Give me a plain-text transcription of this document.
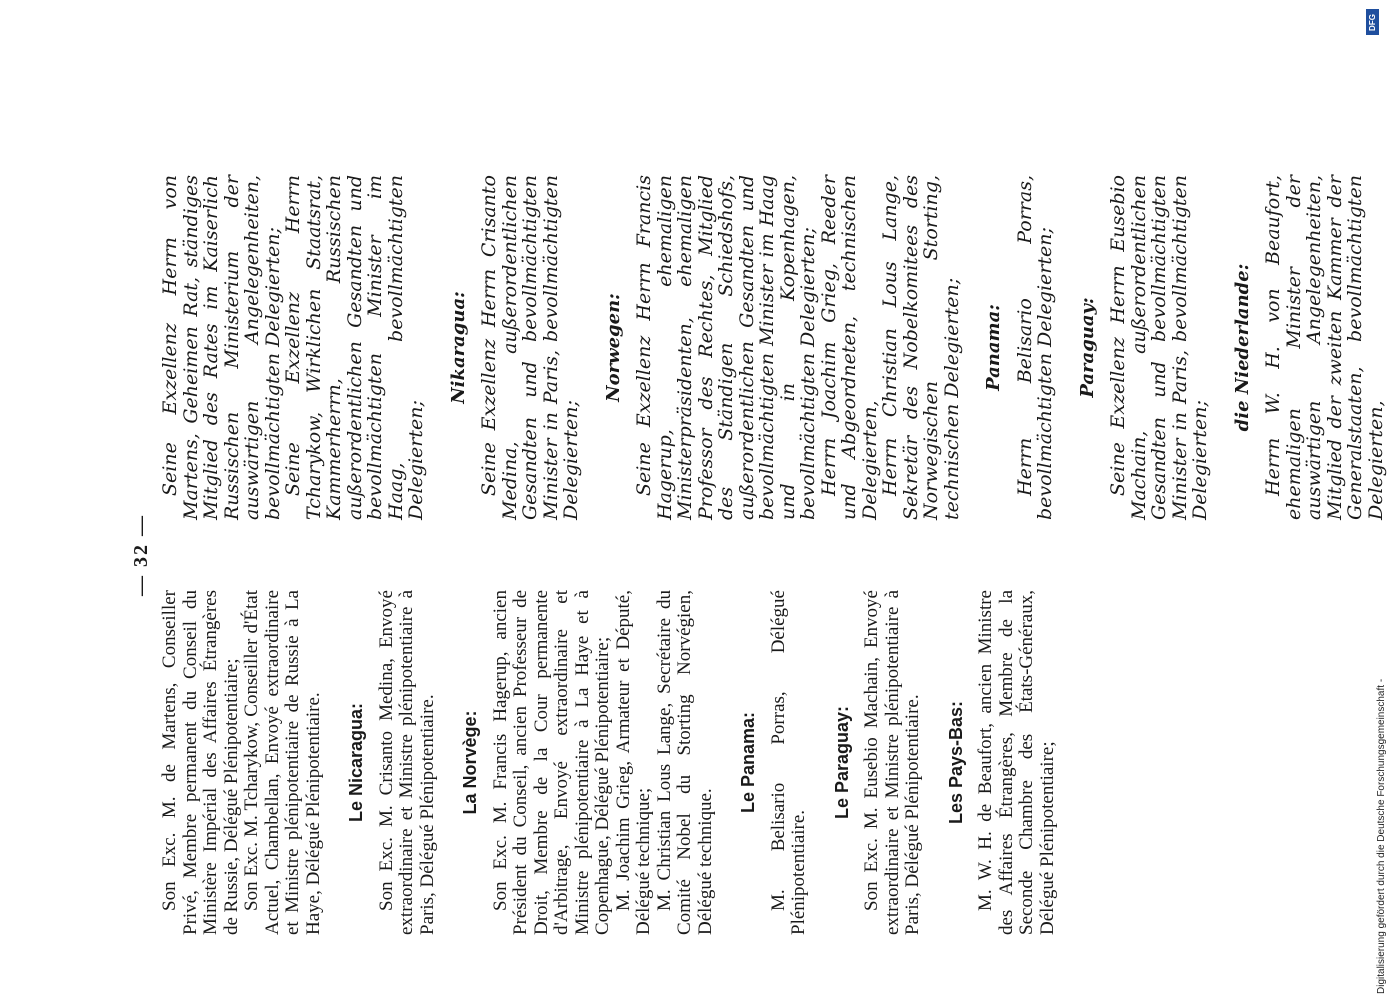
— 32 —

Son Exc. M. de Martens, Conseiller Privé, Membre permanent du Conseil du Ministère Impérial des Affaires Étrangères de Russie, Délégué Plénipotentiaire; Son Exc. M. Tcharykow, Conseiller d'État Actuel, Chambellan, Envoyé extraordinaire et Ministre plénipotentiaire de Russie à La Haye, Délégué Plénipotentiaire. Le Nicaragua: Son Exc. M. Crisanto Medina, Envoyé extraordinaire et Ministre plénipotentiaire à Paris, Délégué Plénipotentiaire. La Norvège: Son Exc. M. Francis Hagerup, ancien Président du Conseil, ancien Professeur de Droit, Membre de la Cour permanente d'Arbitrage, Envoyé extraordinaire et Ministre plénipotentiaire à La Haye et à Copenhague, Délégué Plénipotentiaire; M. Joachim Grieg, Armateur et Député, Délégué technique; M. Christian Lous Lange, Secrétaire du Comité Nobel du Storting Norvégien, Délégué technique.

Le Panama: M. Belisario Porras, Délégué Plénipotentiaire.

Le Paraguay: Son Exc. M. Eusebio Machain, Envoyé extraordinaire et Ministre plénipotentiaire à Paris, Délégué Plénipotentiaire. Les Pays-Bas: M. W. H. de Beaufort, ancien Ministre des Affaires Étrangères, Membre de la Seconde Chambre des États-Généraux, Délégué Plénipotentiaire;

Seine Exzellenz Herrn von Martens, Geheimen Rat, ständiges Mitglied des Rates im Kaiserlich Russischen Ministerium der auswärtigen Angelegenheiten, bevollmächtigten Delegierten;

Seine Exzellenz Herrn Tcharykow, Wirklichen Staatsrat, Kammerherrn, Russischen außerordentlichen Gesandten und bevollmächtigten Minister im Haag, bevollmächtigten Delegierten;

Nikaragua: Seine Exzellenz Herrn Crisanto Medina, außerordentlichen Gesandten und bevollmächtigten Minister in Paris, bevollmächtigten Delegierten;

Norwegen: Seine Exzellenz Herrn Francis Hagerup, ehemaligen Ministerpräsidenten, ehemaligen Professor des Rechtes, Mitglied des Ständigen Schiedshofs, außerordentlichen Gesandten und bevollmächtigten Minister im Haag und in Kopenhagen, bevollmächtigten Delegierten;

Herrn Joachim Grieg, Reeder und Abgeordneten, technischen Delegierten,

Herrn Christian Lous Lange, Sekretär des Nobelkomitees des Norwegischen Storting, technischen Delegierten; Panama: Herrn Belisario Porras, bevollmächtigten Delegierten; Paraguay: Seine Exzellenz Herrn Eusebio Machain, außerordentlichen Gesandten und bevollmächtigten Minister in Paris, bevollmächtigten Delegierten;

die Niederlande: Herrn W. H. von Beaufort, ehemaligen Minister der auswärtigen Angelegenheiten, Mitglied der zweiten Kammer der Generalstaaten, bevollmächtigten Delegierten,

DFG
Digitalisierung gefördert durch die Deutsche Forschungsgemeinschaft -
